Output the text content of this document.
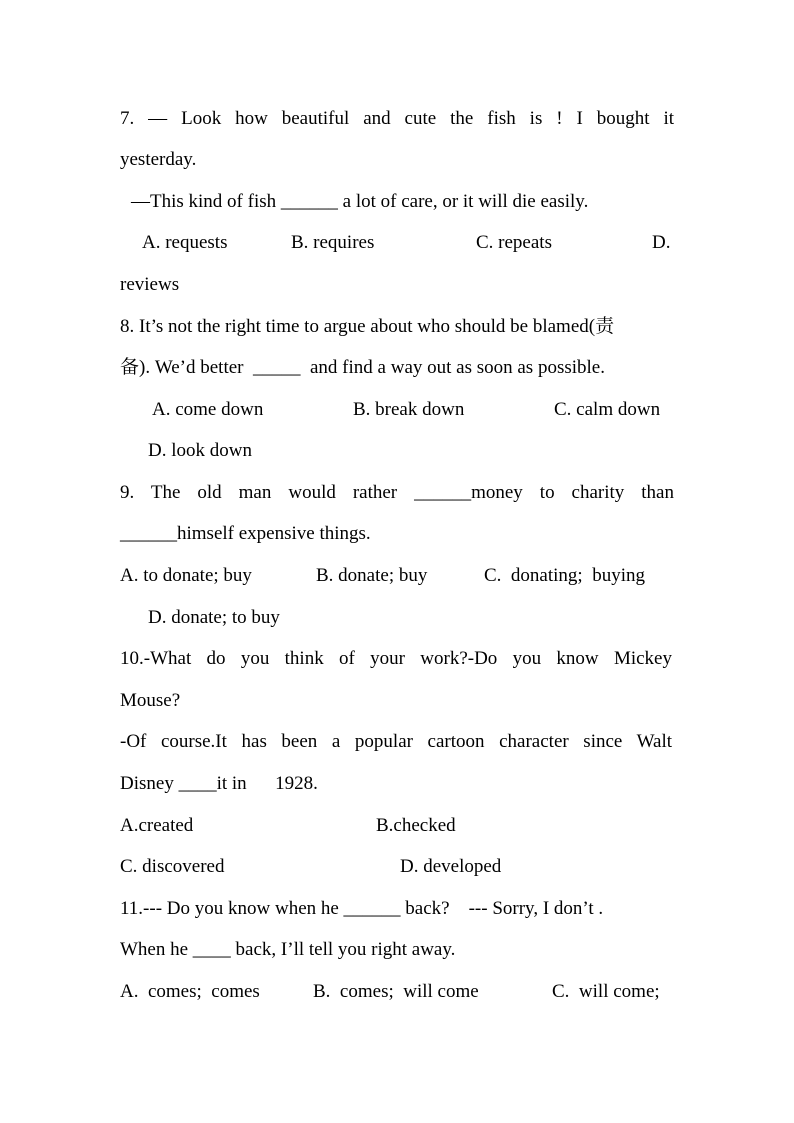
7. — Look how beautiful and cute the fish is ! I bought it
yesterday.
—This kind of fish ______ a lot of care, or it will die easily.
A. requests	B. requires	C. repeats	D.
reviews
8. It’s not the right time to argue about who should be blamed(责
备). We’d better  _____  and find a way out as soon as possible.
A. come down	B. break down	C. calm down
D. look down
9. The old man would rather ______money to charity than
______himself expensive things.
A. to donate; buy	B. donate; buy	C.  donating;  buying
D. donate; to buy
10.-What do you think of your work?-Do you know Mickey
Mouse?
-Of course.It has been a popular cartoon character since Walt
Disney ____it in      1928.
A.created	B.checked
C. discovered	D. developed
11.--- Do you know when he ______ back?    --- Sorry, I don’t .
When he ____ back, I’ll tell you right away.
A.  comes;  comes	B.  comes;  will come	C.  will come;
